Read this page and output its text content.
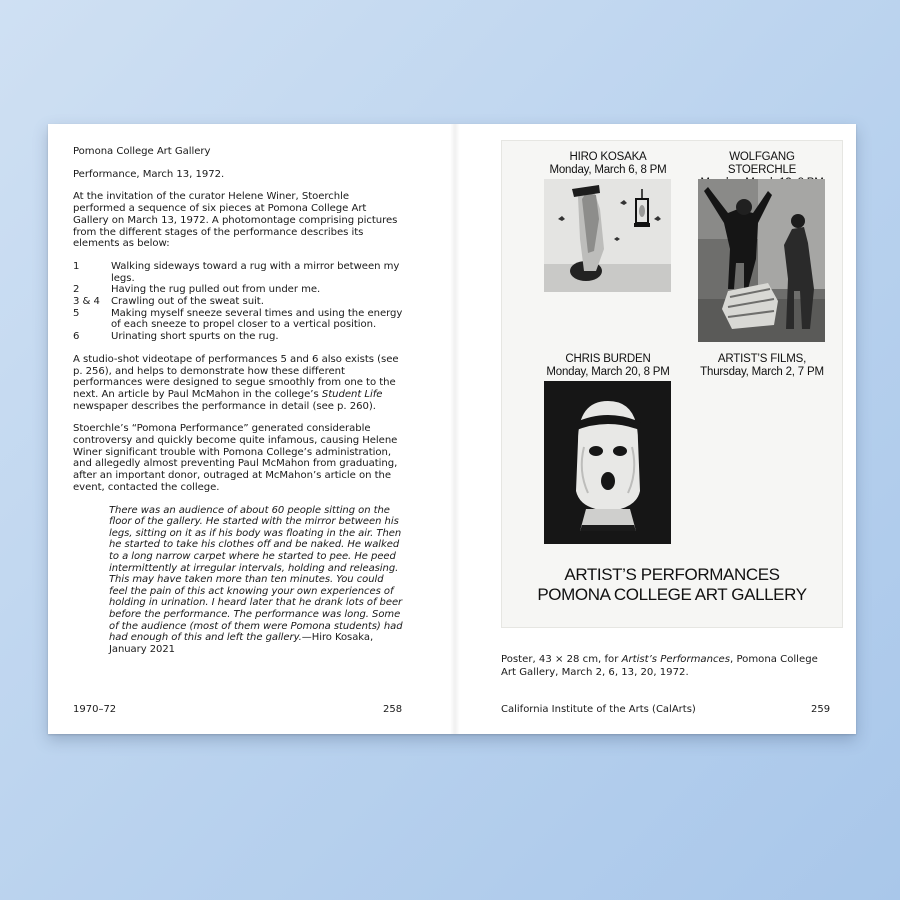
Pomona College Art Gallery

Performance, March 13, 1972.

At the invitation of the curator Helene Winer, Stoerchle performed a sequence of six pieces at Pomona College Art Gallery on March 13, 1972. A photomontage comprising pictures from the different stages of the performance describes its elements as below:

1	Walking sideways toward a rug with a mirror between my legs.
2	Having the rug pulled out from under me.
3 & 4	Crawling out of the sweat suit.
5	Making myself sneeze several times and using the energy of each sneeze to propel closer to a vertical position.
6	Urinating short spurts on the rug.

A studio-shot videotape of performances 5 and 6 also exists (see p. 256), and helps to demonstrate how these different performances were designed to segue smoothly from one to the next. An article by Paul McMahon in the college’s Student Life newspaper describes the performance in detail (see p. 260).

Stoerchle’s “Pomona Performance” generated considerable controversy and quickly become quite infamous, causing Helene Winer significant trouble with Pomona College’s administration, and allegedly almost preventing Paul McMahon from graduating, after an important donor, outraged at McMahon’s article on the event, contacted the college.

There was an audience of about 60 people sitting on the floor of the gallery. He started with the mirror between his legs, sitting on it as if his body was floating in the air. Then he started to take his clothes off and be naked. He walked to a long narrow carpet where he started to pee. He peed intermittently at irregular intervals, holding and releasing. This may have taken more than ten minutes. You could feel the pain of this act knowing your own experiences of holding in urination. I heard later that he drank lots of beer before the performance. The performance was long. Some of the audience (most of them were Pomona students) had had enough of this and left the gallery.—Hiro Kosaka, January 2021
1970–72	258
HIRO KOSAKA
Monday, March 6, 8 PM
WOLFGANG STOERCHLE
CHRIS BURDEN
Monday, March 20, 8 PM
ARTIST’S FILMS,
Thursday, March 2, 7 PM
ARTIST’S PERFORMANCES
POMONA COLLEGE ART GALLERY
Poster, 43 × 28 cm, for Artist’s Performances, Pomona College Art Gallery, March 2, 6, 13, 20, 1972.
California Institute of the Arts (CalArts)	259
